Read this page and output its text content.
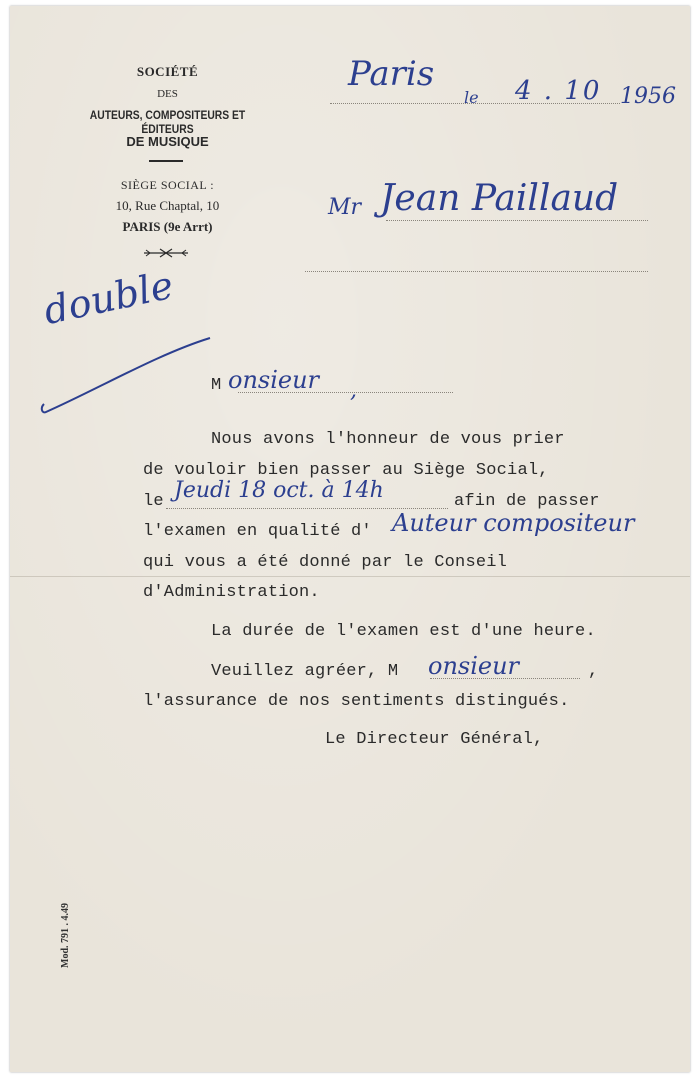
SOCIÉTÉ
DES
AUTEURS, COMPOSITEURS ET ÉDITEURS
DE MUSIQUE
SIÈGE SOCIAL :
10, Rue Chaptal, 10
PARIS (9e Arrt)
Paris
le 4 . 10 1956
Mr Jean Paillaud
double
M onsieur ,
Nous avons l'honneur de vous prier
de vouloir bien passer au Siège Social,
le Jeudi 18 oct. à 14h	afin de passer
l'examen en qualité d' Auteur compositeur
qui vous a été donné par le Conseil
d'Administration.
La durée de l'examen est d'une heure.
Veuillez agréer, M onsieur	,
l'assurance de nos sentiments distingués.
Le Directeur Général,
Mod. 791 . 4.49
